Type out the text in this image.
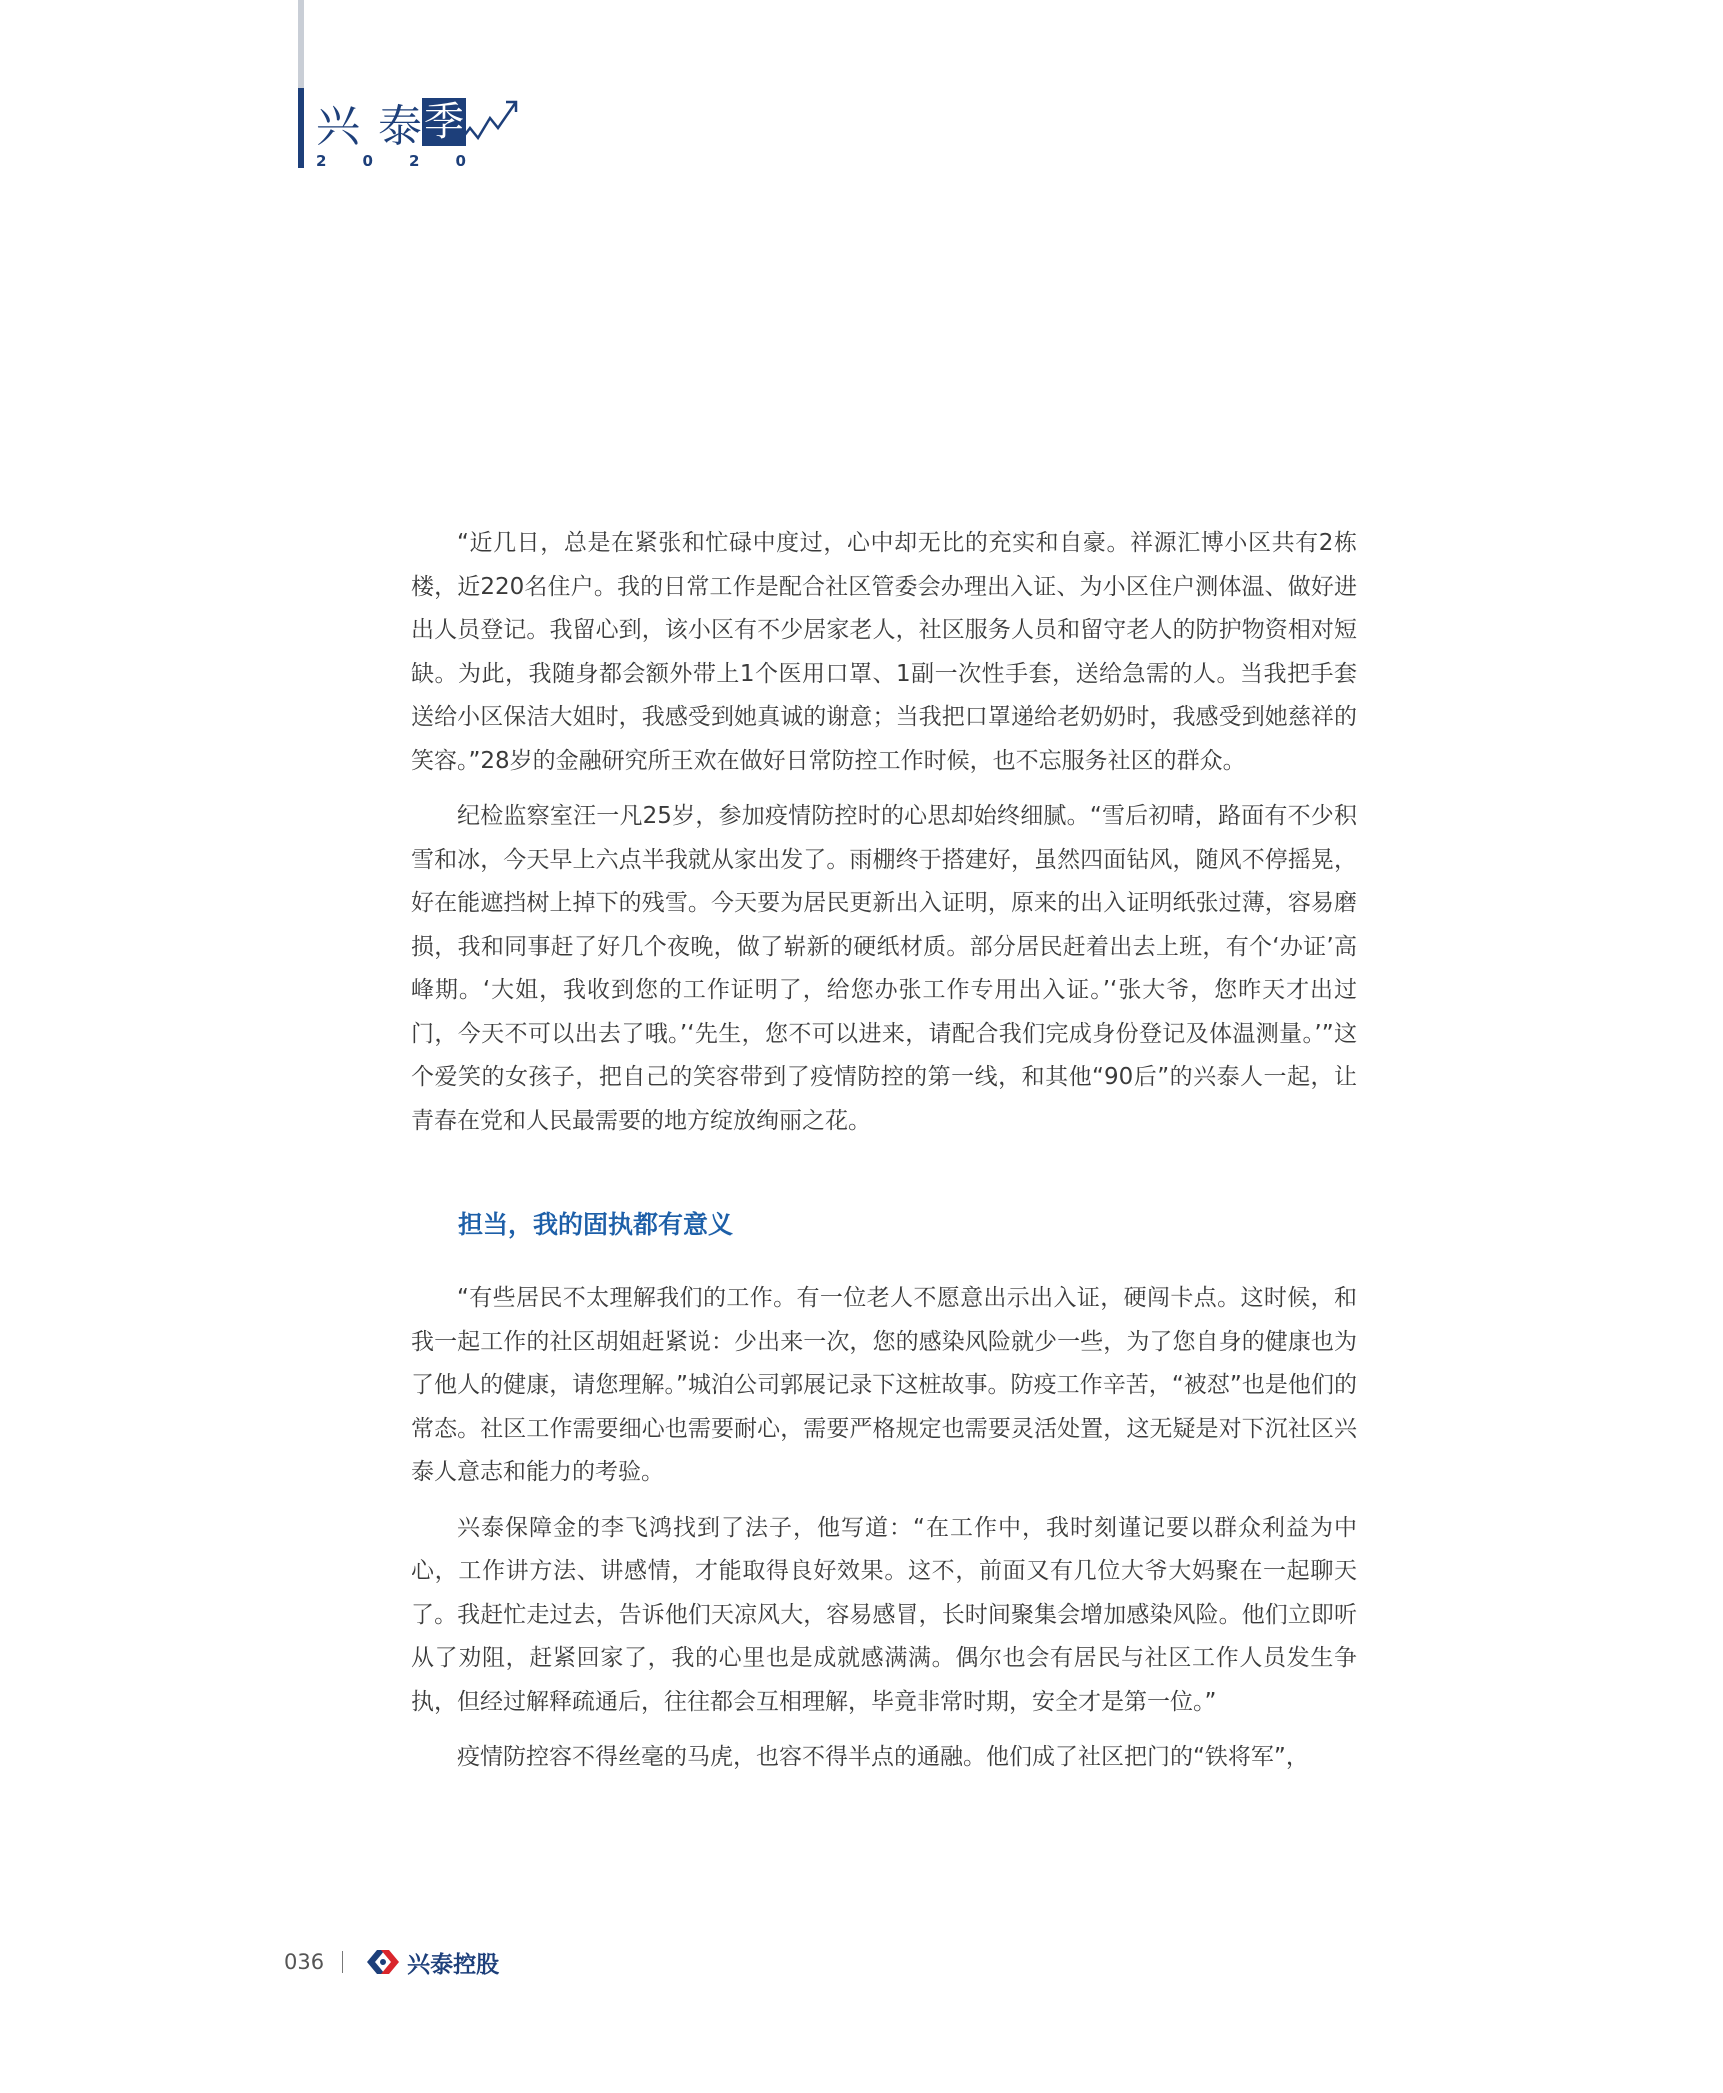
兴 泰 季
2 0 2 0

“近几日，总是在紧张和忙碌中度过，心中却无比的充实和自豪。祥源汇博小区共有2栋楼，近220名住户。我的日常工作是配合社区管委会办理出入证、为小区住户测体温、做好进出人员登记。我留心到，该小区有不少居家老人，社区服务人员和留守老人的防护物资相对短缺。为此，我随身都会额外带上1个医用口罩、1副一次性手套，送给急需的人。当我把手套送给小区保洁大姐时，我感受到她真诚的谢意；当我把口罩递给老奶奶时，我感受到她慈祥的笑容。”28岁的金融研究所王欢在做好日常防控工作时候，也不忘服务社区的群众。

纪检监察室汪一凡25岁，参加疫情防控时的心思却始终细腻。“雪后初晴，路面有不少积雪和冰，今天早上六点半我就从家出发了。雨棚终于搭建好，虽然四面钻风，随风不停摇晃，好在能遮挡树上掉下的残雪。今天要为居民更新出入证明，原来的出入证明纸张过薄，容易磨损，我和同事赶了好几个夜晚，做了崭新的硬纸材质。部分居民赶着出去上班，有个‘办证’高峰期。‘大姐，我收到您的工作证明了，给您办张工作专用出入证。’‘张大爷，您昨天才出过门，今天不可以出去了哦。’‘先生，您不可以进来，请配合我们完成身份登记及体温测量。’”这个爱笑的女孩子，把自己的笑容带到了疫情防控的第一线，和其他“90后”的兴泰人一起，让青春在党和人民最需要的地方绽放绚丽之花。

担当，我的固执都有意义

“有些居民不太理解我们的工作。有一位老人不愿意出示出入证，硬闯卡点。这时候，和我一起工作的社区胡姐赶紧说：少出来一次，您的感染风险就少一些，为了您自身的健康也为了他人的健康，请您理解。”城泊公司郭展记录下这桩故事。防疫工作辛苦，“被怼”也是他们的常态。社区工作需要细心也需要耐心，需要严格规定也需要灵活处置，这无疑是对下沉社区兴泰人意志和能力的考验。

兴泰保障金的李飞鸿找到了法子，他写道：“在工作中，我时刻谨记要以群众利益为中心，工作讲方法、讲感情，才能取得良好效果。这不，前面又有几位大爷大妈聚在一起聊天了。我赶忙走过去，告诉他们天凉风大，容易感冒，长时间聚集会增加感染风险。他们立即听从了劝阻，赶紧回家了，我的心里也是成就感满满。偶尔也会有居民与社区工作人员发生争执，但经过解释疏通后，往往都会互相理解，毕竟非常时期，安全才是第一位。”

疫情防控容不得丝毫的马虎，也容不得半点的通融。他们成了社区把门的“铁将军”，

036	兴泰控股
